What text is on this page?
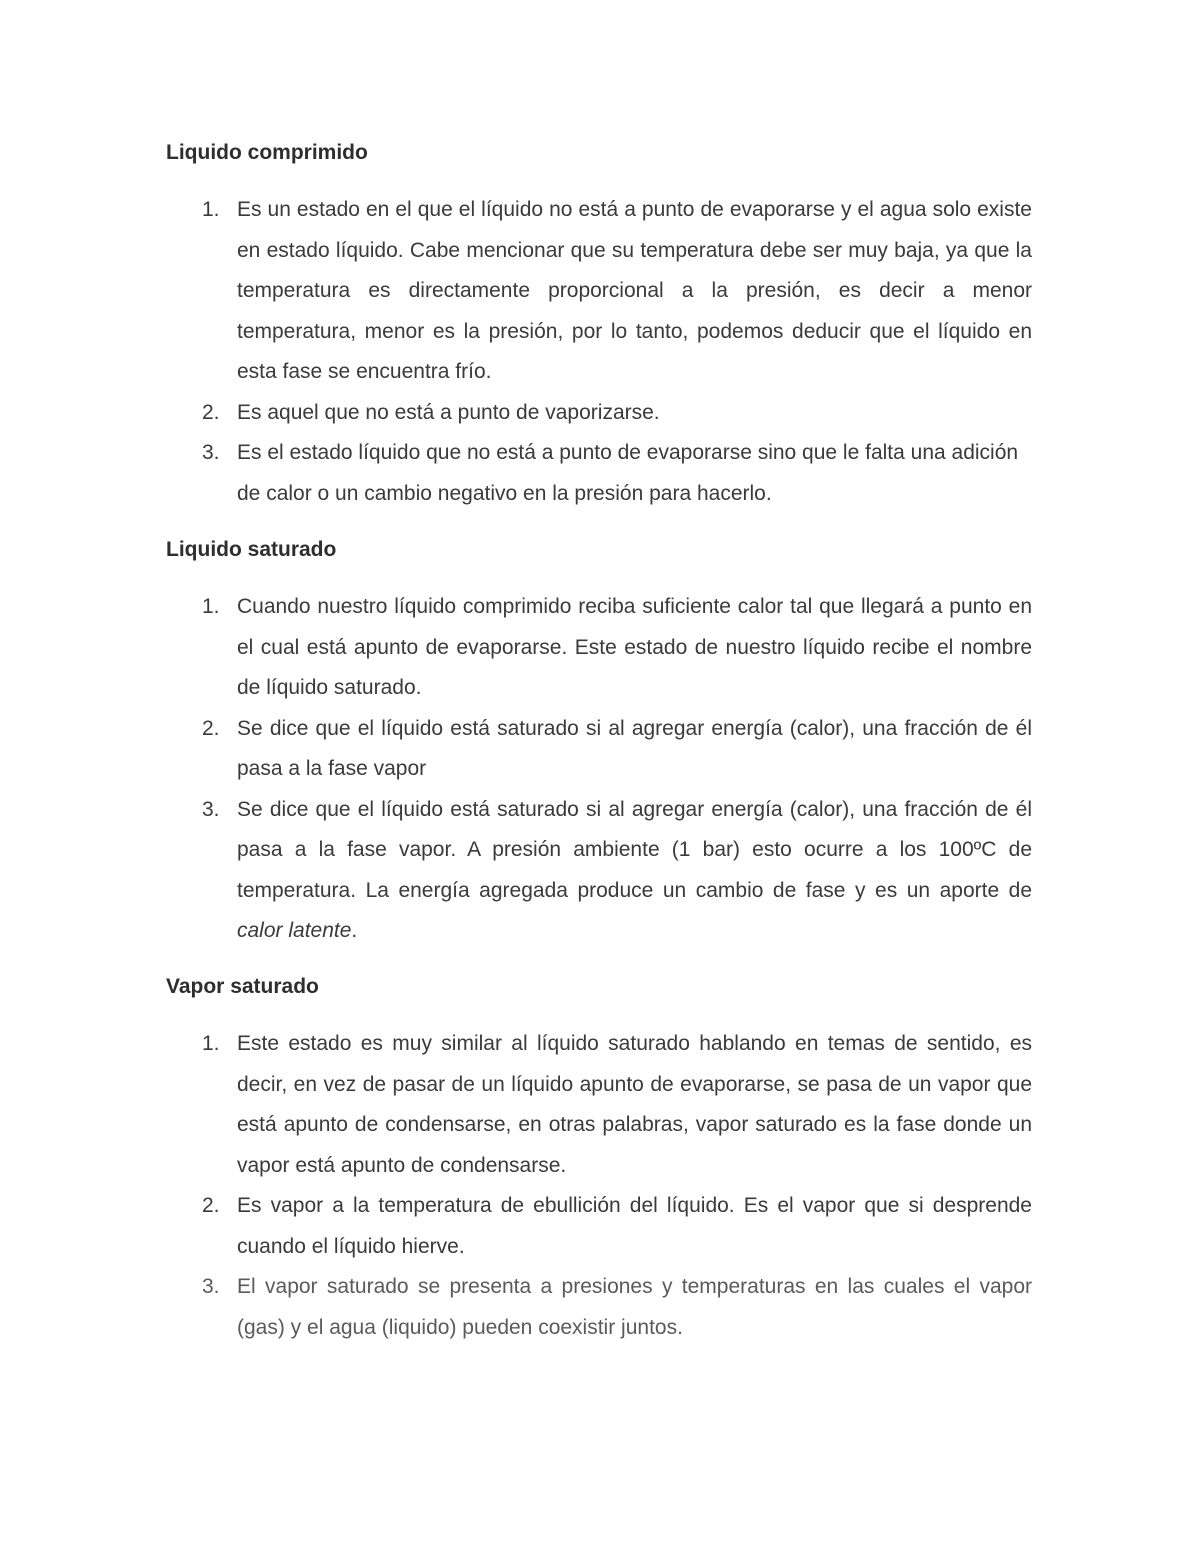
Liquido comprimido
1. Es un estado en el que el líquido no está a punto de evaporarse y el agua solo existe en estado líquido. Cabe mencionar que su temperatura debe ser muy baja, ya que la temperatura es directamente proporcional a la presión, es decir a menor temperatura, menor es la presión, por lo tanto, podemos deducir que el líquido en esta fase se encuentra frío.
2. Es aquel que no está a punto de vaporizarse.
3. Es el estado líquido que no está a punto de evaporarse sino que le falta una adición de calor o un cambio negativo en la presión para hacerlo.
Liquido saturado
1. Cuando nuestro líquido comprimido reciba suficiente calor tal que llegará a punto en el cual está apunto de evaporarse. Este estado de nuestro líquido recibe el nombre de líquido saturado.
2. Se dice que el líquido está saturado si al agregar energía (calor), una fracción de él pasa a la fase vapor
3. Se dice que el líquido está saturado si al agregar energía (calor), una fracción de él pasa a la fase vapor. A presión ambiente (1 bar) esto ocurre a los 100ºC de temperatura. La energía agregada produce un cambio de fase y es un aporte de calor latente.
Vapor saturado
1. Este estado es muy similar al líquido saturado hablando en temas de sentido, es decir, en vez de pasar de un líquido apunto de evaporarse, se pasa de un vapor que está apunto de condensarse, en otras palabras, vapor saturado es la fase donde un vapor está apunto de condensarse.
2. Es vapor a la temperatura de ebullición del líquido. Es el vapor que si desprende cuando el líquido hierve.
3. El vapor saturado se presenta a presiones y temperaturas en las cuales el vapor (gas) y el agua (liquido) pueden coexistir juntos.
